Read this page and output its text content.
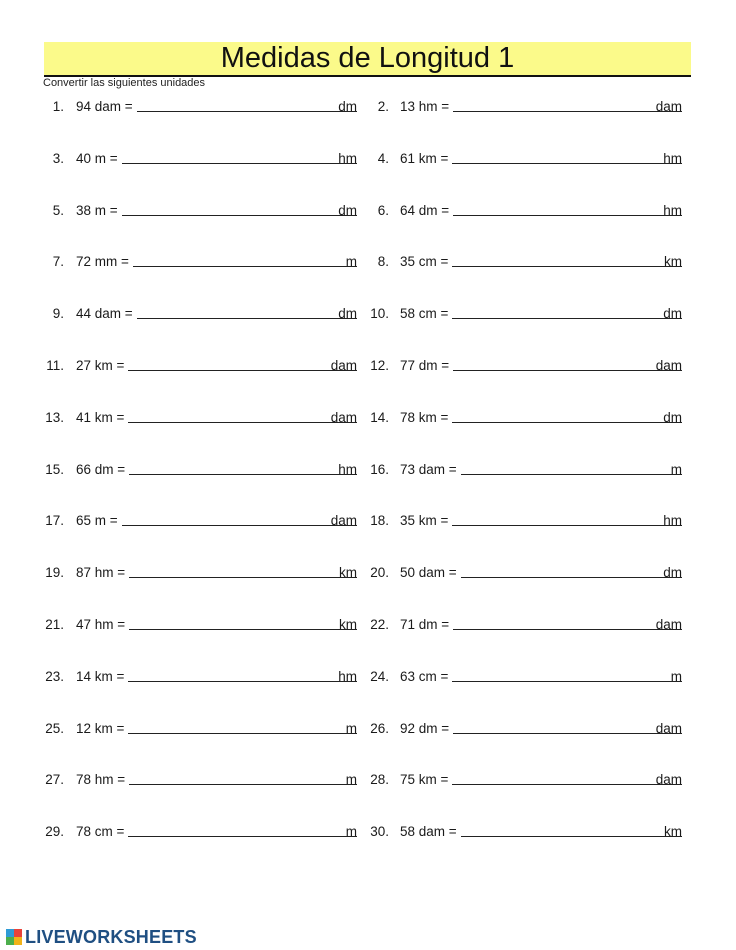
Medidas de Longitud 1
Convertir las siguientes unidades
1. 94 dam =	dm	2. 13 hm =	dam
3. 40 m =	hm	4. 61 km =	hm
5. 38 m =	dm	6. 64 dm =	hm
7. 72 mm =	m	8. 35 cm =	km
9. 44 dam =	dm 10. 58 cm =	dm
11. 27 km =	dam 12. 77 dm =	dam
13. 41 km =	dam 14. 78 km =	dm
15. 66 dm =	hm 16. 73 dam =	m
17. 65 m =	dam 18. 35 km =	hm
19. 87 hm =	km 20. 50 dam =	dm
21. 47 hm =	km 22. 71 dm =	dam
23. 14 km =	hm 24. 63 cm =	m
25. 12 km =	m 26. 92 dm =	dam
27. 78 hm =	m 28. 75 km =	dam
29. 78 cm =	m 30. 58 dam =	km
LIVEWORKSHEETS
